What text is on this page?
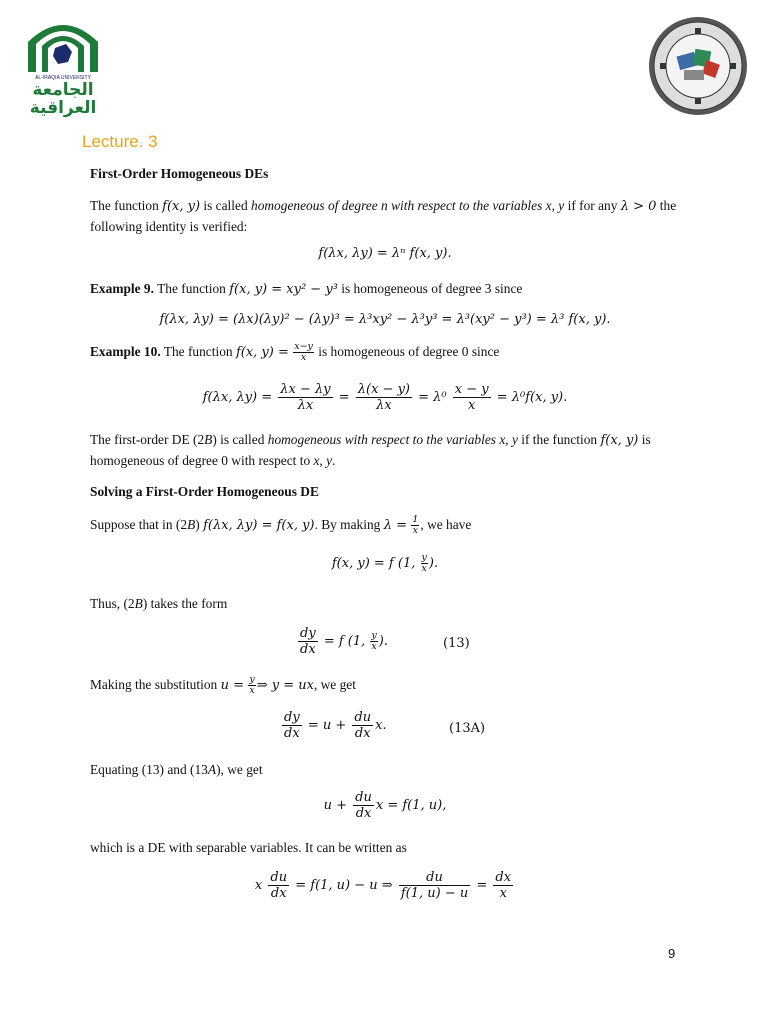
AL-IRAQIA UNIVERSITY
الجامعة
العراقية
Lecture. 3
First-Order Homogeneous DEs
The function f(x, y) is called homogeneous of degree n with respect to the variables x, y if for any λ > 0 the following identity is verified:
f(λx, λy) = λⁿ f(x, y).
Example 9. The function f(x, y) = xy² − y³ is homogeneous of degree 3 since
f(λx, λy) = (λx)(λy)² − (λy)³ = λ³xy² − λ³y³ = λ³(xy² − y³) = λ³ f(x, y).
Example 10. The function f(x, $y) = \frac{x-y}{x}$ is homogeneous of degree 0 since
f(λx, $\lambda y) = \frac{\lambda x - \lambda y}{\lambda x} = \frac{\lambda(x - y)}{\lambda x} = \lambda^0 \frac{x - y}{x} = \lambda^0f(x$, y).
The first-order DE (2B) is called homogeneous with respect to the variables x, y if the function f(x, y) is homogeneous of degree 0 with respect to x, y.
Solving a First-Order Homogeneous DE
Suppose that in (2B) f(λx, λy) = f(x, y). By making $\lambda = \frac{1}{x}$ , we have
f(x, y) = f (1, $\frac{y}{x}$ ).
Thus, (2B) takes the form
$\frac{dy}{dx} = f$ (1, $\frac{y}{x}$ ).	(13)
Making the substitution $u = \frac{y}{x}$ ⇒ y = ux, we get
$\frac{dy}{dx} = u + \frac{du}{dx} x$.	(13A)
Equating (13) and (13A), we get
$u + \frac{du}{dx}$ x = f(1, u),
which is a DE with separable variables. It can be written as
x $\frac{du}{dx} = f(1$, u) − u ⇒ $\frac{du}{f(1, u) - u} = \frac{dx}{x}$
9
